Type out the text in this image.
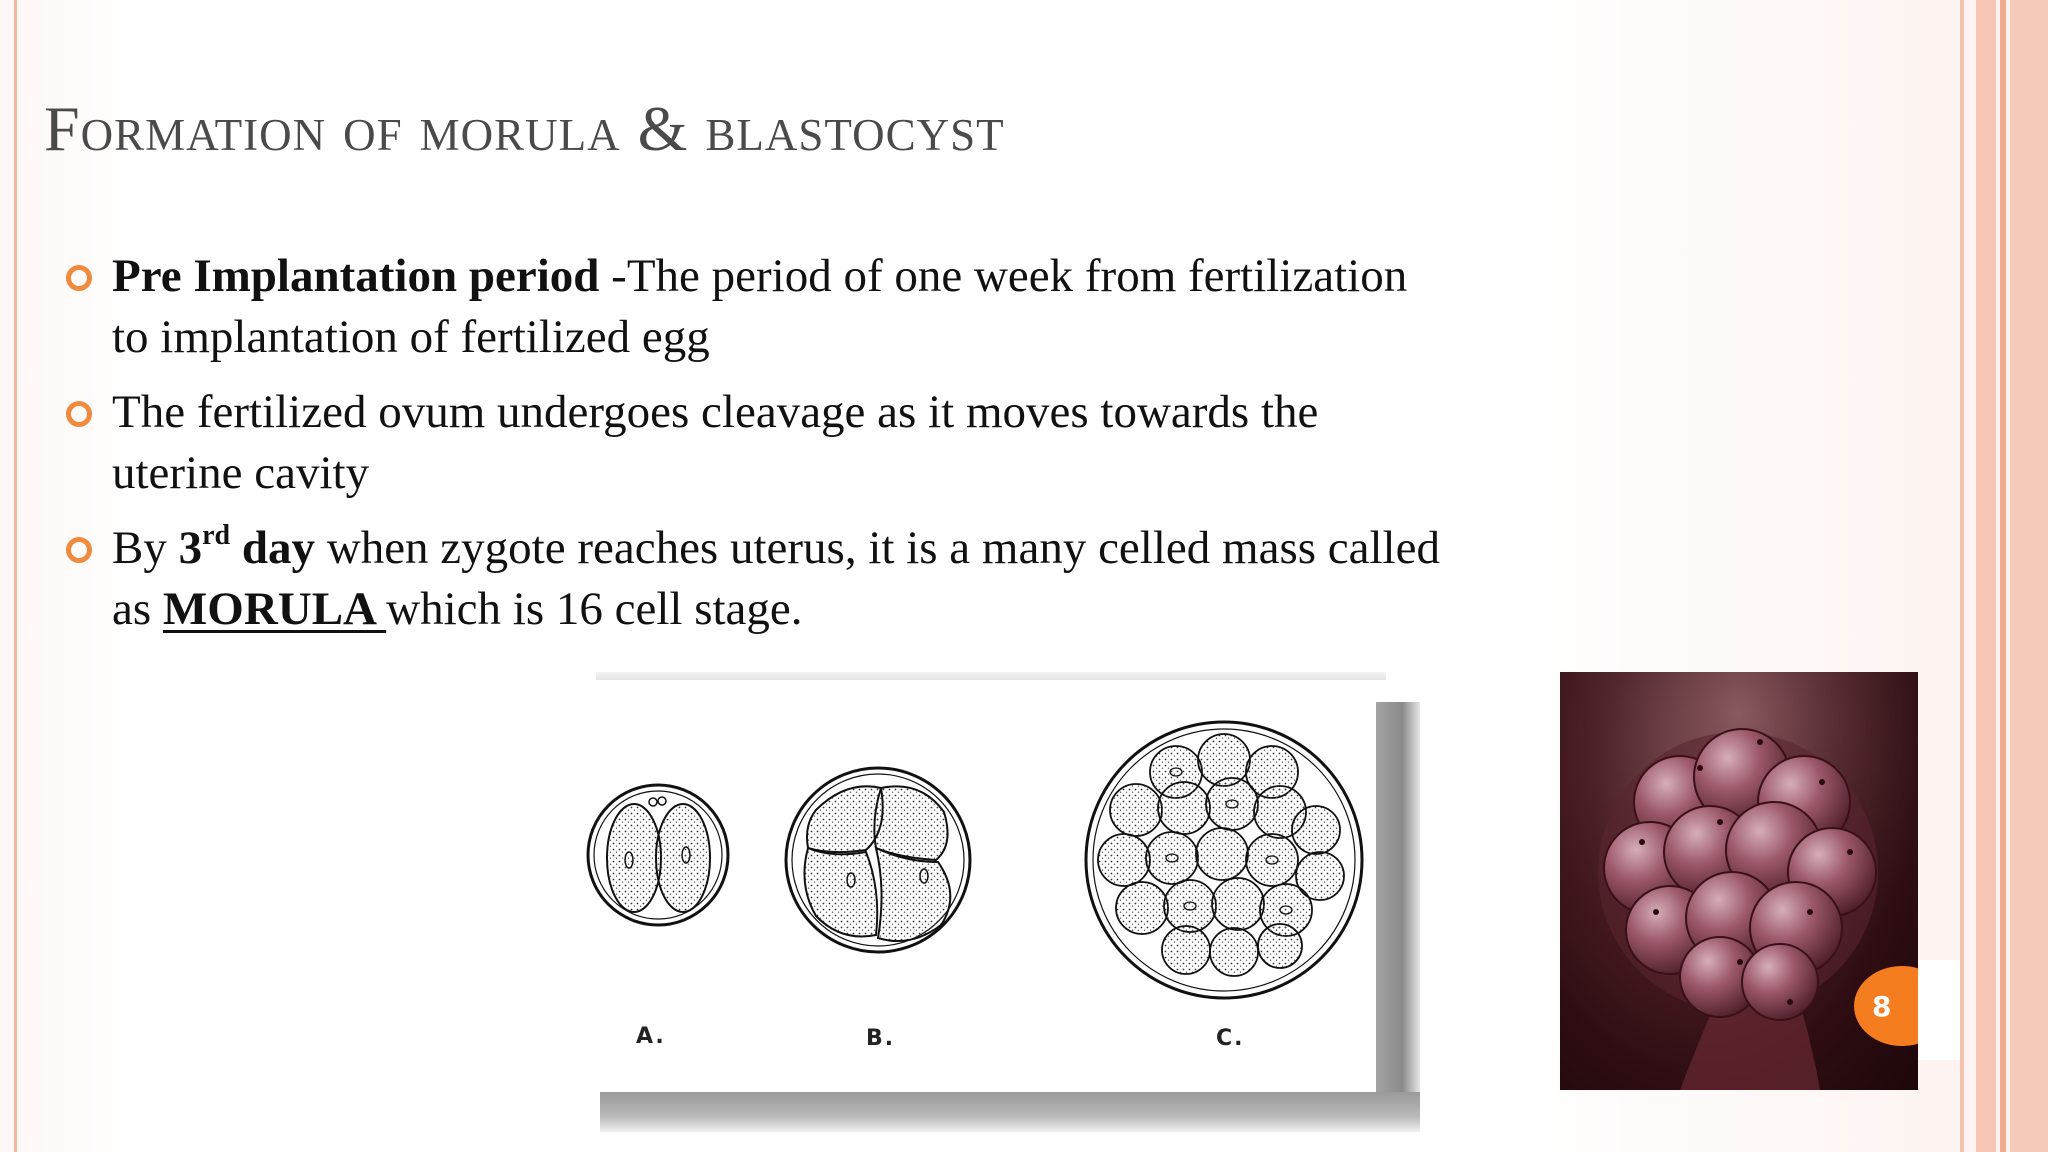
Formation of morula & blastocyst
Pre Implantation period -The period of one week from fertilization to implantation of fertilized egg
The fertilized ovum undergoes cleavage as it moves towards the uterine cavity
By 3rd day when zygote reaches uterus, it is a many celled mass called as MORULA which is 16 cell stage.
A.	B.	C.
8
